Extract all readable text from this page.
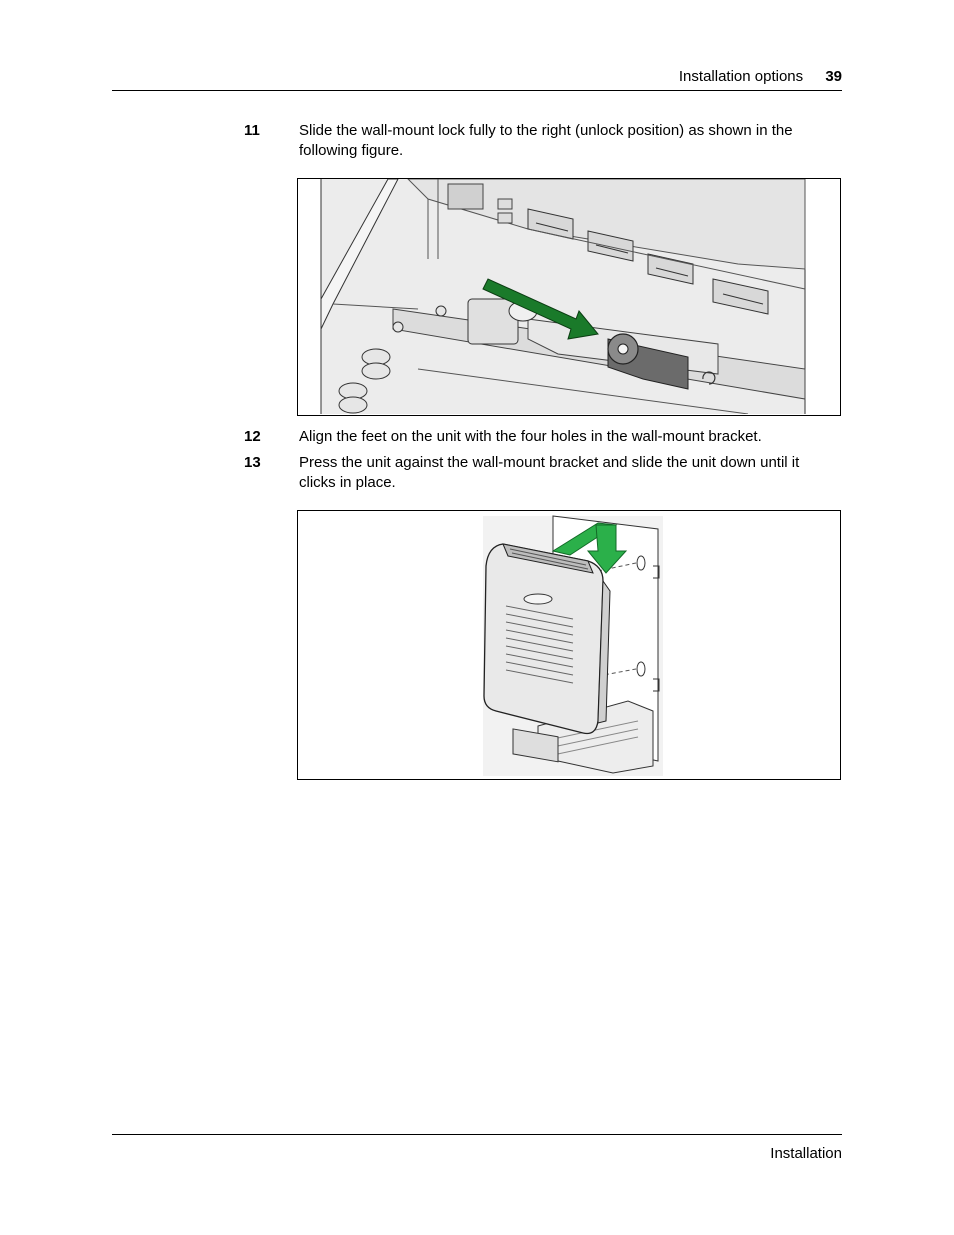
Installation options 39
11	Slide the wall-mount lock fully to the right (unlock position) as shown in the following figure.
12	Align the feet on the unit with the four holes in the wall-mount bracket.
13	Press the unit against the wall-mount bracket and slide the unit down until it clicks in place.
Installation
